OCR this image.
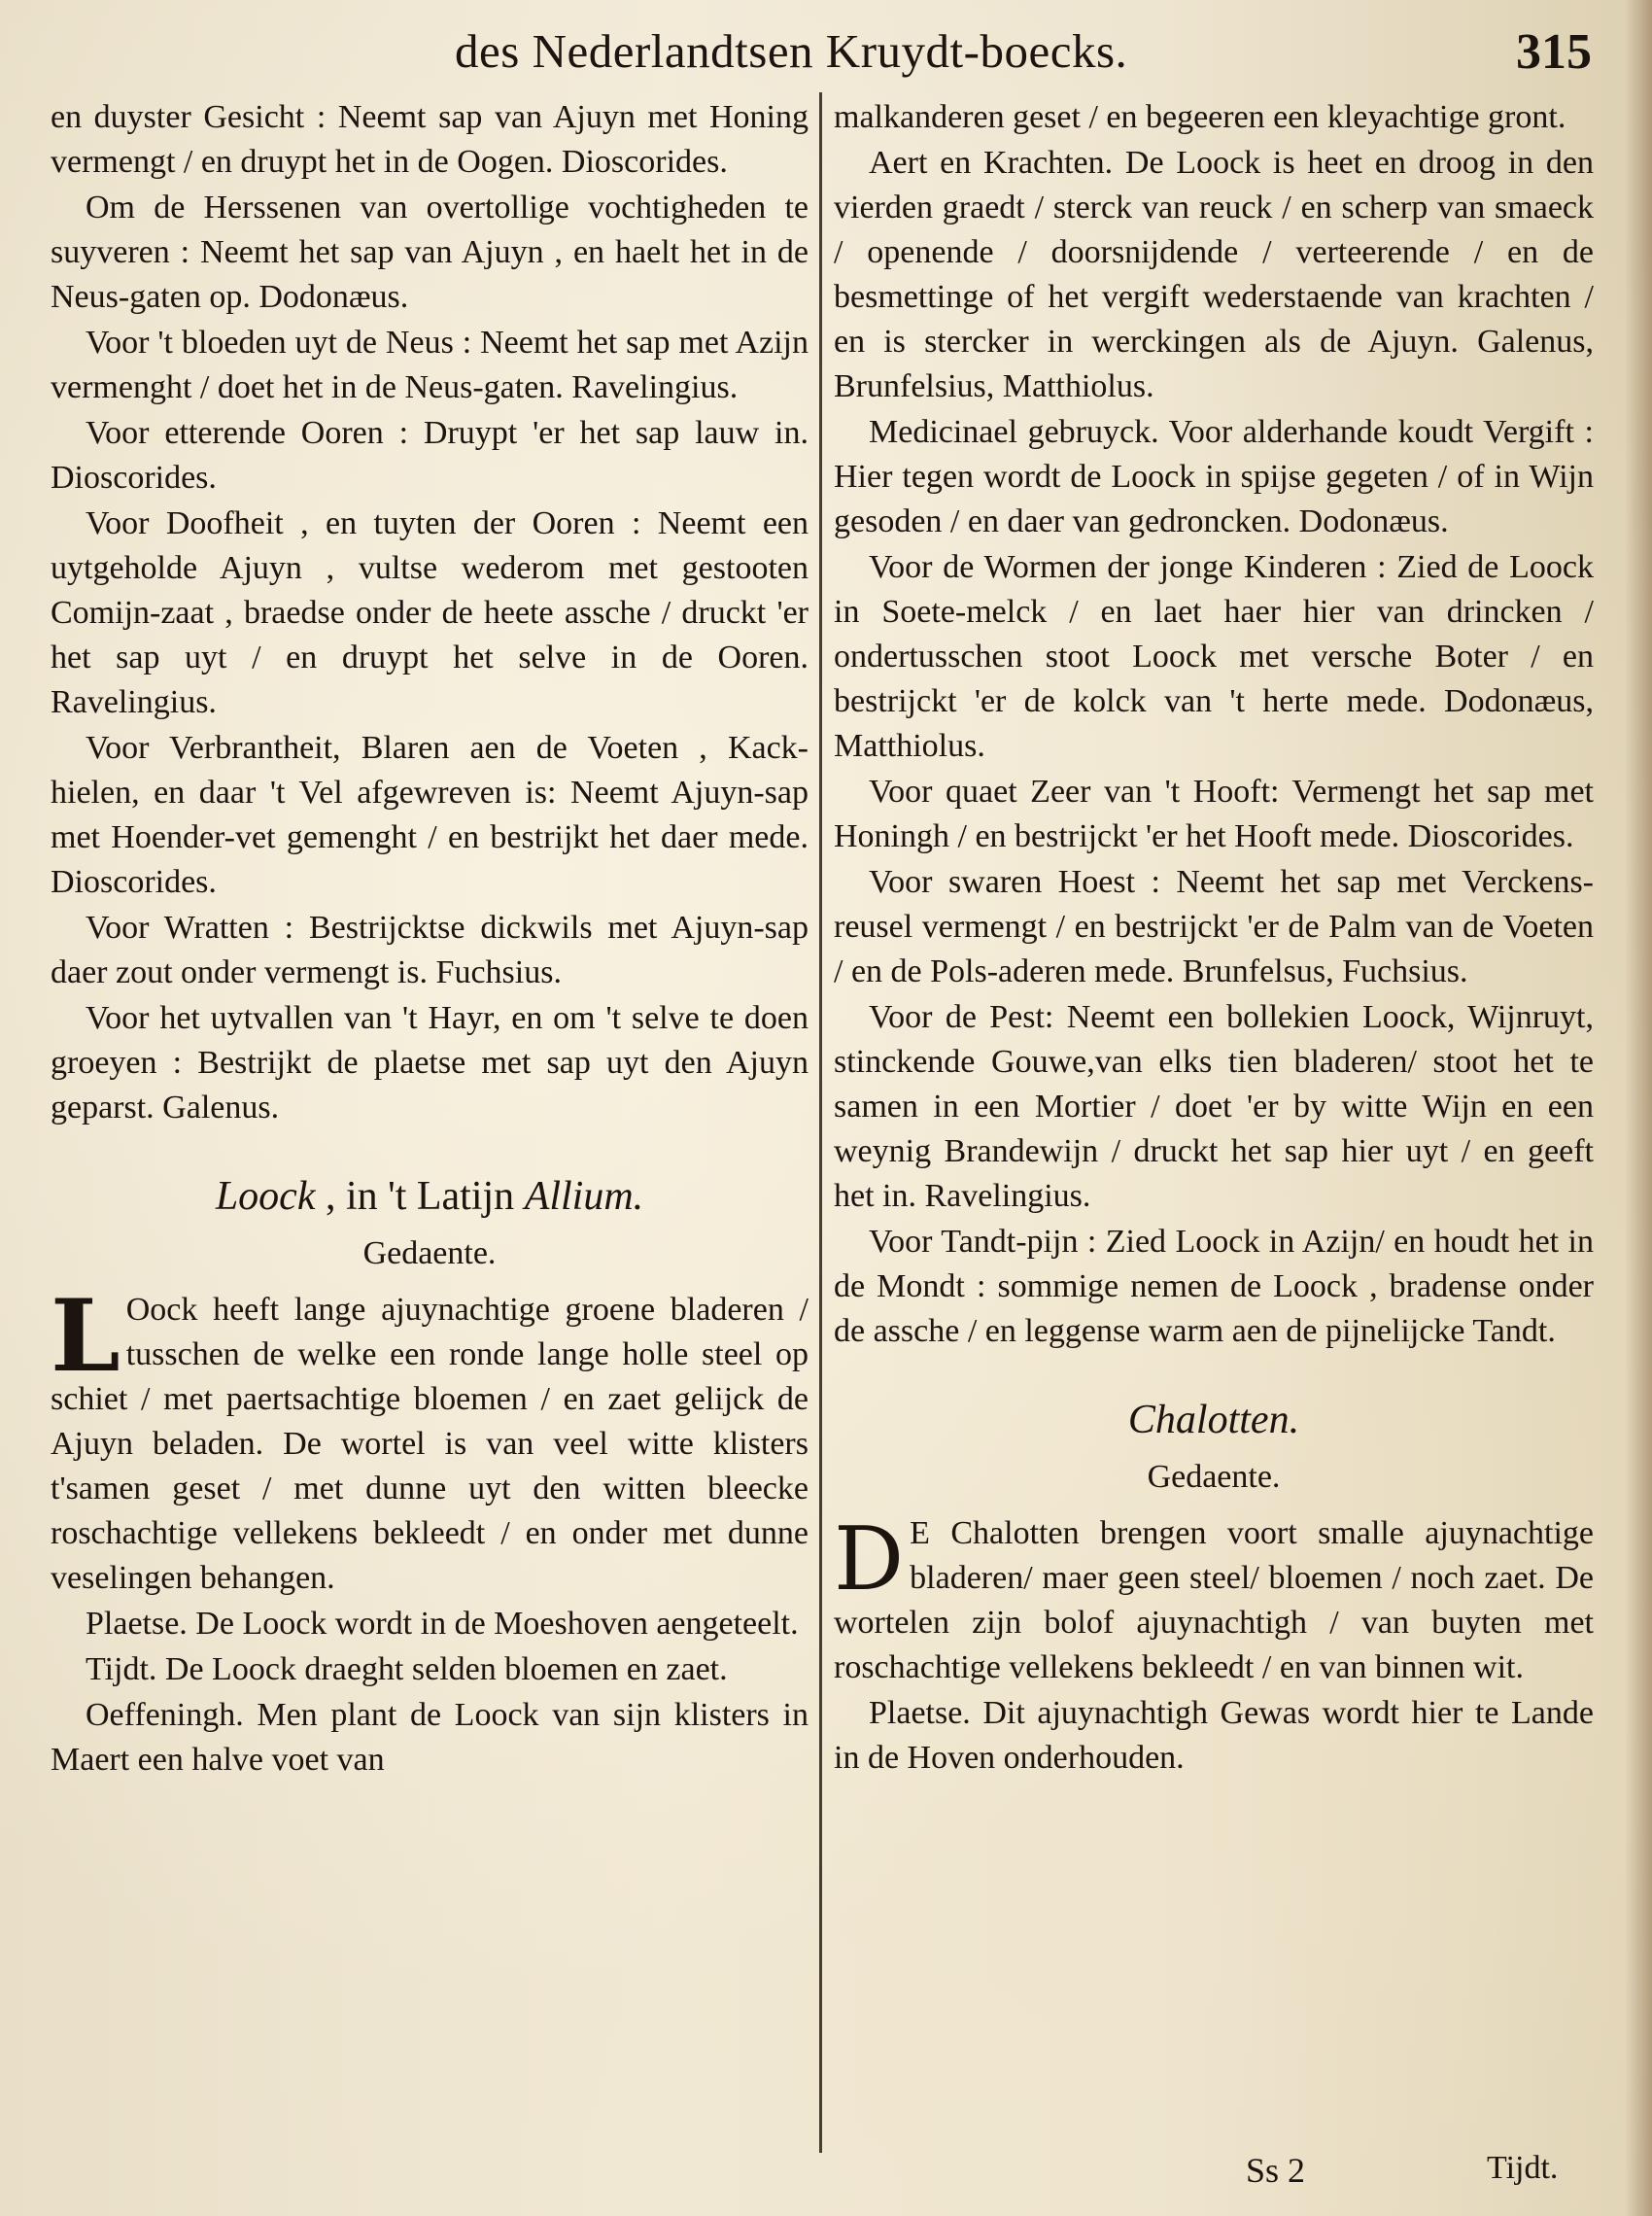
des Nederlandtsen Kruydt-boecks.	315

en duyster Gesicht : Neemt sap van Ajuyn met Honing vermengt / en druypt het in de Oogen. Dioscorides.

Om de Herssenen van overtollige vochtigheden te suyveren : Neemt het sap van Ajuyn , en haelt het in de Neus-gaten op. Dodonæus.

Voor 't bloeden uyt de Neus : Neemt het sap met Azijn vermenght / doet het in de Neus-gaten. Ravelingius.

Voor etterende Ooren : Druypt 'er het sap lauw in. Dioscorides.

Voor Doofheit , en tuyten der Ooren : Neemt een uytgeholde Ajuyn , vultse wederom met gestooten Comijn-zaat , braedse onder de heete assche / druckt 'er het sap uyt / en druypt het selve in de Ooren. Ravelingius.

Voor Verbrantheit, Blaren aen de Voeten , Kack-hielen, en daar 't Vel afgewreven is: Neemt Ajuyn-sap met Hoender-vet gemenght / en bestrijkt het daer mede. Dioscorides.

Voor Wratten : Bestrijcktse dickwils met Ajuyn-sap daer zout onder vermengt is. Fuchsius.

Voor het uytvallen van 't Hayr, en om 't selve te doen groeyen : Bestrijkt de plaetse met sap uyt den Ajuyn geparst. Galenus.

Loock , in 't Latijn Allium.
Gedaente.

L Oock heeft lange ajuynachtige groene bladeren / tusschen de welke een ronde lange holle steel op schiet / met paertsachtige bloemen / en zaet gelijck de Ajuyn beladen. De wortel is van veel witte klisters t'samen geset / met dunne uyt den witten bleecke roschachtige vellekens bekleedt / en onder met dunne veselingen behangen.

Plaetse. De Loock wordt in de Moeshoven aengeteelt.

Tijdt. De Loock draeght selden bloemen en zaet.

Oeffeningh. Men plant de Loock van sijn klisters in Maert een halve voet van

malkanderen geset / en begeeren een kleyachtige gront.

Aert en Krachten. De Loock is heet en droog in den vierden graedt / sterck van reuck / en scherp van smaeck / openende / doorsnijdende / verteerende / en de besmettinge of het vergift wederstaende van krachten / en is stercker in werckingen als de Ajuyn. Galenus, Brunfelsius, Matthiolus.

Medicinael gebruyck. Voor alderhande koudt Vergift : Hier tegen wordt de Loock in spijse gegeten / of in Wijn gesoden / en daer van gedroncken. Dodonæus.

Voor de Wormen der jonge Kinderen : Zied de Loock in Soete-melck / en laet haer hier van drincken / ondertusschen stoot Loock met versche Boter / en bestrijckt 'er de kolck van 't herte mede. Dodonæus, Matthiolus.

Voor quaet Zeer van 't Hooft: Vermengt het sap met Honingh / en bestrijckt 'er het Hooft mede. Dioscorides.

Voor swaren Hoest : Neemt het sap met Verckens-reusel vermengt / en bestrijckt 'er de Palm van de Voeten / en de Pols-aderen mede. Brunfelsus, Fuchsius.

Voor de Pest: Neemt een bollekien Loock, Wijnruyt, stinckende Gouwe,van elks tien bladeren/ stoot het te samen in een Mortier / doet 'er by witte Wijn en een weynig Brandewijn / druckt het sap hier uyt / en geeft het in. Ravelingius.

Voor Tandt-pijn : Zied Loock in Azijn/ en houdt het in de Mondt : sommige nemen de Loock , bradense onder de assche / en leggense warm aen de pijnelijcke Tandt.

Chalotten.
Gedaente.

D E Chalotten brengen voort smalle ajuynachtige bladeren/ maer geen steel/ bloemen / noch zaet. De wortelen zijn bolof ajuynachtigh / van buyten met roschachtige vellekens bekleedt / en van binnen wit.

Plaetse. Dit ajuynachtigh Gewas wordt hier te Lande in de Hoven onderhouden.

Ss 2	Tijdt.
